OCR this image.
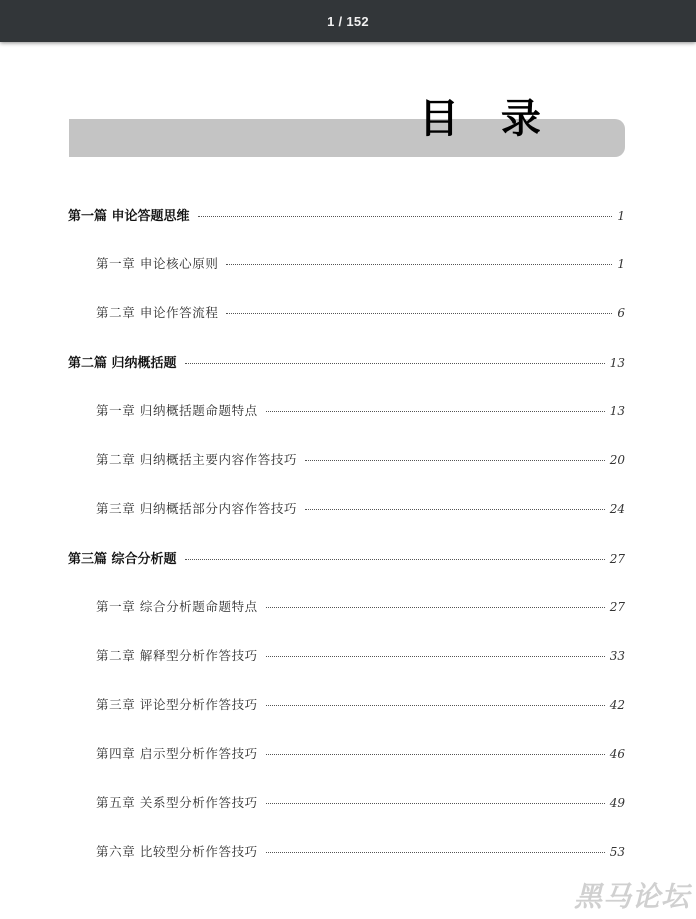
1 / 152
目 录
第一篇 申论答题思维	1
第一章 申论核心原则	1
第二章 申论作答流程	6
第二篇 归纳概括题	13
第一章 归纳概括题命题特点	13
第二章 归纳概括主要内容作答技巧	20
第三章 归纳概括部分内容作答技巧	24
第三篇 综合分析题	27
第一章 综合分析题命题特点	27
第二章 解释型分析作答技巧	33
第三章 评论型分析作答技巧	42
第四章 启示型分析作答技巧	46
第五章 关系型分析作答技巧	49
第六章 比较型分析作答技巧	53
黑马论坛
